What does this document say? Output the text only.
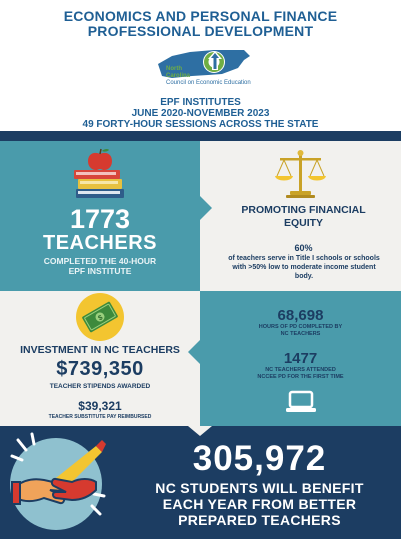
ECONOMICS AND PERSONAL FINANCE
PROFESSIONAL DEVELOPMENT
North
Carolina
Council on Economic Education
EPF INSTITUTES
JUNE 2020-NOVEMBER 2023
49 FORTY-HOUR SESSIONS ACROSS THE STATE
1773
TEACHERS
COMPLETED THE 40-HOUR
EPF INSTITUTE
PROMOTING FINANCIAL
EQUITY
60%
of teachers serve in Title I schools or schools
with >50% low to moderate income student
body.
$
INVESTMENT IN NC TEACHERS
$739,350
TEACHER STIPENDS AWARDED
$39,321
TEACHER SUBSTITUTE PAY REIMBURSED
68,698
HOURS OF PD COMPLETED BY
NC TEACHERS
1477
NC TEACHERS ATTENDED
NCCEE PD FOR THE FIRST TIME
305,972
NC STUDENTS WILL BENEFIT
EACH YEAR FROM BETTER
PREPARED TEACHERS
